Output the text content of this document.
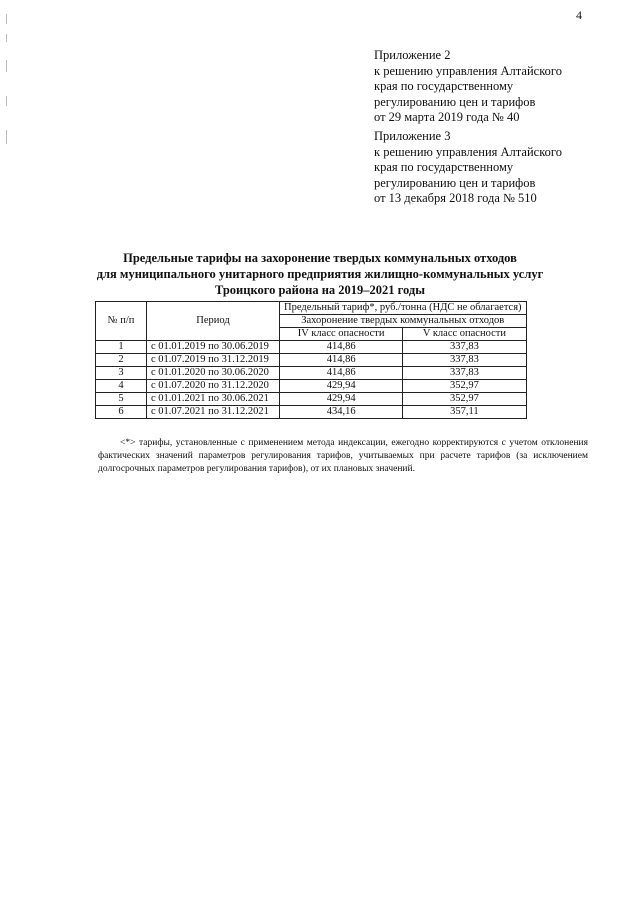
4
Приложение 2
к решению управления Алтайского
края по государственному
регулированию цен и тарифов
от 29 марта 2019 года № 40
Приложение 3
к решению управления Алтайского
края по государственному
регулированию цен и тарифов
от 13 декабря 2018 года № 510
Предельные тарифы на захоронение твердых коммунальных отходов
для муниципального унитарного предприятия жилищно-коммунальных услуг
Троицкого района на 2019–2021 годы
№ п/п	Период	Предельный тариф*, руб./тонна (НДС не облагается)	
		Захоронение твердых коммунальных отходов	
		IV класс опасности	V класс опасности
1	с 01.01.2019 по 30.06.2019	414,86	337,83
2	с 01.07.2019 по 31.12.2019	414,86	337,83
3	с 01.01.2020 по 30.06.2020	414,86	337,83
4	с 01.07.2020 по 31.12.2020	429,94	352,97
5	с 01.01.2021 по 30.06.2021	429,94	352,97
6	с 01.07.2021 по 31.12.2021	434,16	357,11
<*> тарифы, установленные с применением метода индексации, ежегодно корректируются с учетом отклонения фактических значений параметров регулирования тарифов, учитываемых при расчете тарифов (за исключением долгосрочных параметров регулирования тарифов), от их плановых значений.
